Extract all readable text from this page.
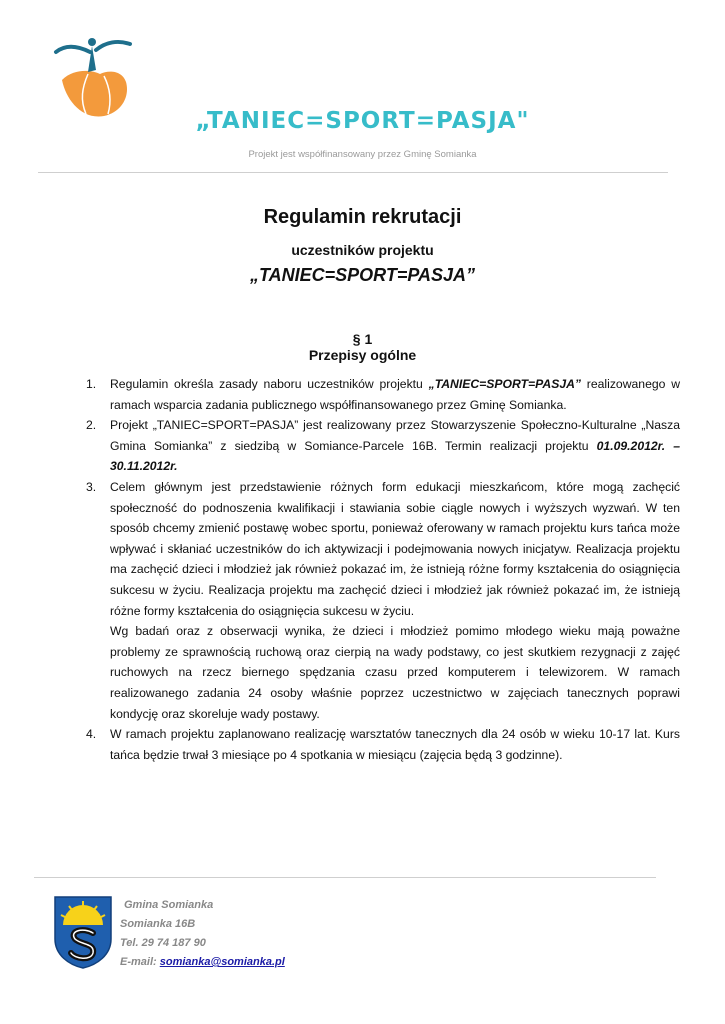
„TANIEC=SPORT=PASJA"
Projekt jest współfinansowany przez Gminę Somianka
Regulamin rekrutacji
uczestników projektu
„TANIEC=SPORT=PASJA”
§ 1
Przepisy ogólne
1. Regulamin określa zasady naboru uczestników projektu „TANIEC=SPORT=PASJA” realizowanego w ramach wsparcia zadania publicznego współfinansowanego przez Gminę Somianka.

2. Projekt „TANIEC=SPORT=PASJA” jest realizowany przez Stowarzyszenie Społeczno-Kulturalne „Nasza Gmina Somianka” z siedzibą w Somiance-Parcele 16B. Termin realizacji projektu 01.09.2012r. – 30.11.2012r.

3. Celem głównym jest przedstawienie różnych form edukacji mieszkańcom, które mogą zachęcić społeczność do podnoszenia kwalifikacji i stawiania sobie ciągle nowych i wyższych wyzwań. W ten sposób chcemy zmienić postawę wobec sportu, ponieważ oferowany w ramach projektu kurs tańca może wpływać i skłaniać uczestników do ich aktywizacji i podejmowania nowych inicjatyw. Realizacja projektu ma zachęcić dzieci i młodzież jak również pokazać im, że istnieją różne formy kształcenia do osiągnięcia sukcesu w życiu. Realizacja projektu ma zachęcić dzieci i młodzież jak również pokazać im, że istnieją różne formy kształcenia do osiągnięcia sukcesu w życiu.

Wg badań oraz z obserwacji wynika, że dzieci i młodzież pomimo młodego wieku mają poważne problemy ze sprawnością ruchową oraz cierpią na wady podstawy, co jest skutkiem rezygnacji z zajęć ruchowych na rzecz biernego spędzania czasu przed komputerem i telewizorem. W ramach realizowanego zadania 24 osoby właśnie poprzez uczestnictwo w zajęciach tanecznych poprawi kondycję oraz skoreluje wady postawy.

4. W ramach projektu zaplanowano realizację warsztatów tanecznych dla 24 osób w wieku 10-17 lat. Kurs tańca będzie trwał 3 miesiące po 4 spotkania w miesiącu (zajęcia będą 3 godzinne).

Gmina Somianka
Somianka 16B
Tel. 29 74 187 90
E-mail: somianka@somianka.pl
